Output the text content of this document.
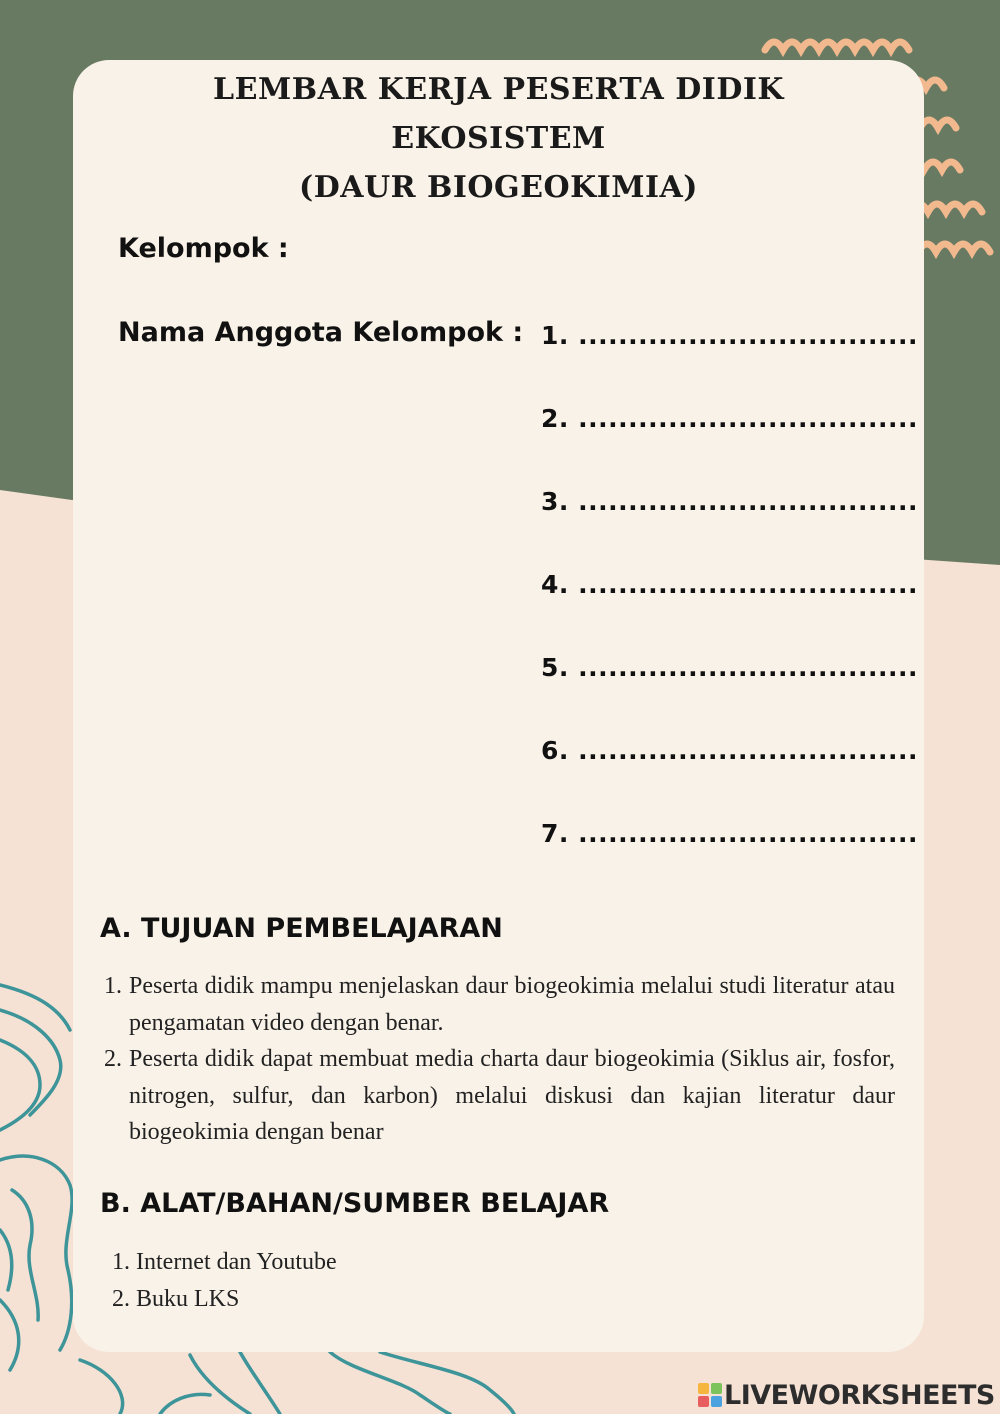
LEMBAR KERJA PESERTA DIDIK
EKOSISTEM
(DAUR BIOGEOKIMIA)
Kelompok :
Nama Anggota Kelompok : 1. ..................................
2. ..................................
3. ..................................
4. ..................................
5. ..................................
6. ..................................
7. ..................................
A. TUJUAN PEMBELAJARAN
1. Peserta didik mampu menjelaskan daur biogeokimia melalui studi literatur atau pengamatan video dengan benar.
2. Peserta didik dapat membuat media charta daur biogeokimia (Siklus air, fosfor, nitrogen, sulfur, dan karbon) melalui diskusi dan kajian literatur daur biogeokimia dengan benar
B. ALAT/BAHAN/SUMBER BELAJAR
1. Internet dan Youtube
2. Buku LKS
LIVEWORKSHEETS
